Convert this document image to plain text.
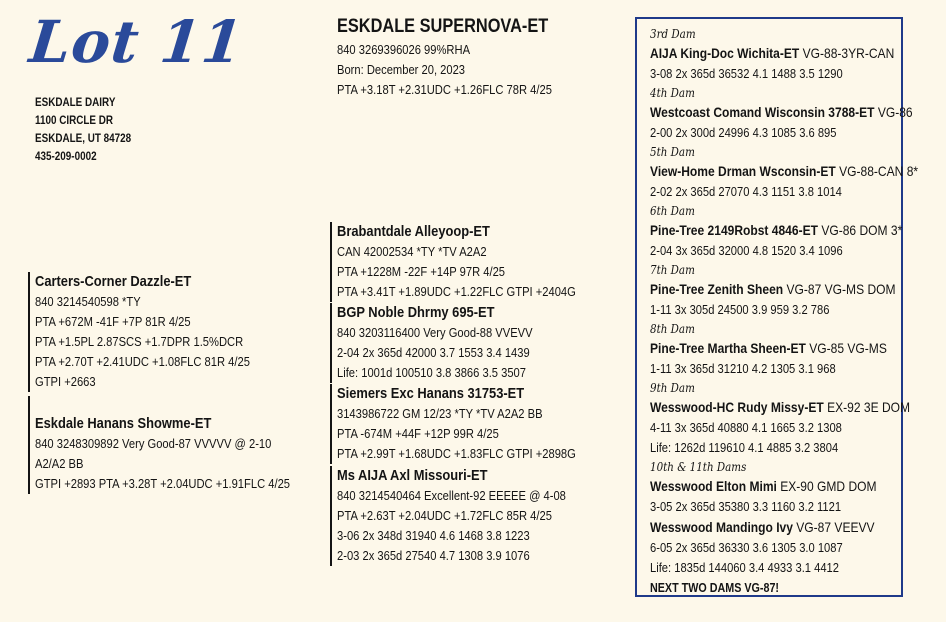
Lot 11
ESKDALE DAIRY
1100 CIRCLE DR
ESKDALE, UT 84728
435-209-0002
ESKDALE SUPERNOVA-ET
840 3269396026 99%RHA
Born: December 20, 2023
PTA +3.18T +2.31UDC +1.26FLC 78R 4/25
Carters-Corner Dazzle-ET
840 3214540598 *TY
PTA +672M -41F +7P 81R 4/25
PTA +1.5PL 2.87SCS +1.7DPR 1.5%DCR
PTA +2.70T +2.41UDC +1.08FLC 81R 4/25
GTPI +2663
Eskdale Hanans Showme-ET
840 3248309892 Very Good-87 VVVVV @ 2-10
A2/A2 BB
GTPI +2893 PTA +3.28T +2.04UDC +1.91FLC 4/25
Brabantdale Alleyoop-ET
CAN 42002534 *TY *TV A2A2
PTA +1228M -22F +14P 97R 4/25
PTA +3.41T +1.89UDC +1.22FLC GTPI +2404G
BGP Noble Dhrmy 695-ET
840 3203116400 Very Good-88 VVEVV
2-04 2x 365d 42000 3.7 1553 3.4 1439
Life: 1001d 100510 3.8 3866 3.5 3507
Siemers Exc Hanans 31753-ET
3143986722 GM 12/23 *TY *TV A2A2 BB
PTA -674M +44F +12P 99R 4/25
PTA +2.99T +1.68UDC +1.83FLC GTPI +2898G
Ms AIJA Axl Missouri-ET
840 3214540464 Excellent-92 EEEEE @ 4-08
PTA +2.63T +2.04UDC +1.72FLC 85R 4/25
3-06 2x 348d 31940 4.6 1468 3.8 1223
2-03 2x 365d 27540 4.7 1308 3.9 1076
3rd Dam
AIJA King-Doc Wichita-ET VG-88-3YR-CAN
3-08 2x 365d 36532 4.1 1488 3.5 1290
4th Dam
Westcoast Comand Wisconsin 3788-ET VG-86
2-00 2x 300d 24996 4.3 1085 3.6 895
5th Dam
View-Home Drman Wsconsin-ET VG-88-CAN 8*
2-02 2x 365d 27070 4.3 1151 3.8 1014
6th Dam
Pine-Tree 2149Robst 4846-ET VG-86 DOM 3*
2-04 3x 365d 32000 4.8 1520 3.4 1096
7th Dam
Pine-Tree Zenith Sheen VG-87 VG-MS DOM
1-11 3x 305d 24500 3.9 959 3.2 786
8th Dam
Pine-Tree Martha Sheen-ET VG-85 VG-MS
1-11 3x 365d 31210 4.2 1305 3.1 968
9th Dam
Wesswood-HC Rudy Missy-ET EX-92 3E DOM
4-11 3x 365d 40880 4.1 1665 3.2 1308
Life: 1262d 119610 4.1 4885 3.2 3804
10th & 11th Dams
Wesswood Elton Mimi EX-90 GMD DOM
3-05 2x 365d 35380 3.3 1160 3.2 1121
Wesswood Mandingo Ivy VG-87 VEEVV
6-05 2x 365d 36330 3.6 1305 3.0 1087
Life: 1835d 144060 3.4 4933 3.1 4412
NEXT TWO DAMS VG-87!
